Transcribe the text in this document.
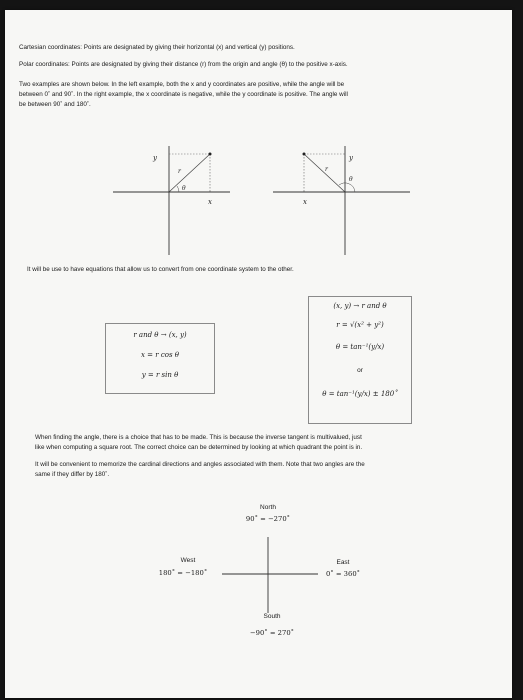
Cartesian coordinates: Points are designated by giving their horizontal (x) and vertical (y) positions.

Polar coordinates: Points are designated by giving their distance (r) from the origin and angle (θ) to the positive x-axis.

Two examples are shown below. In the left example, both the x and y coordinates are positive, while the angle will be

between 0˚ and 90˚. In the right example, the x coordinate is negative, while the y coordinate is positive. The angle will

be between 90˚ and 180˚.

y
x
r
θ
y
x
r
θ

It will be use to have equations that allow us to convert from one coordinate system to the other.

r and θ → (x, y)
x = r cos θ
y = r sin θ
(x, y) → r and θ
r = √(x² + y²)
θ = tan⁻¹(y/x)
or
θ = tan⁻¹(y/x) ± 180˚

When finding the angle, there is a choice that has to be made. This is because the inverse tangent is multivalued, just

like when computing a square root. The correct choice can be determined by looking at which quadrant the point is in.

It will be convenient to memorize the cardinal directions and angles associated with them. Note that two angles are the

same if they differ by 180˚.

North
90˚ = −270˚
West
180˚ = −180˚
East
0˚ = 360˚
South
−90˚ = 270˚
